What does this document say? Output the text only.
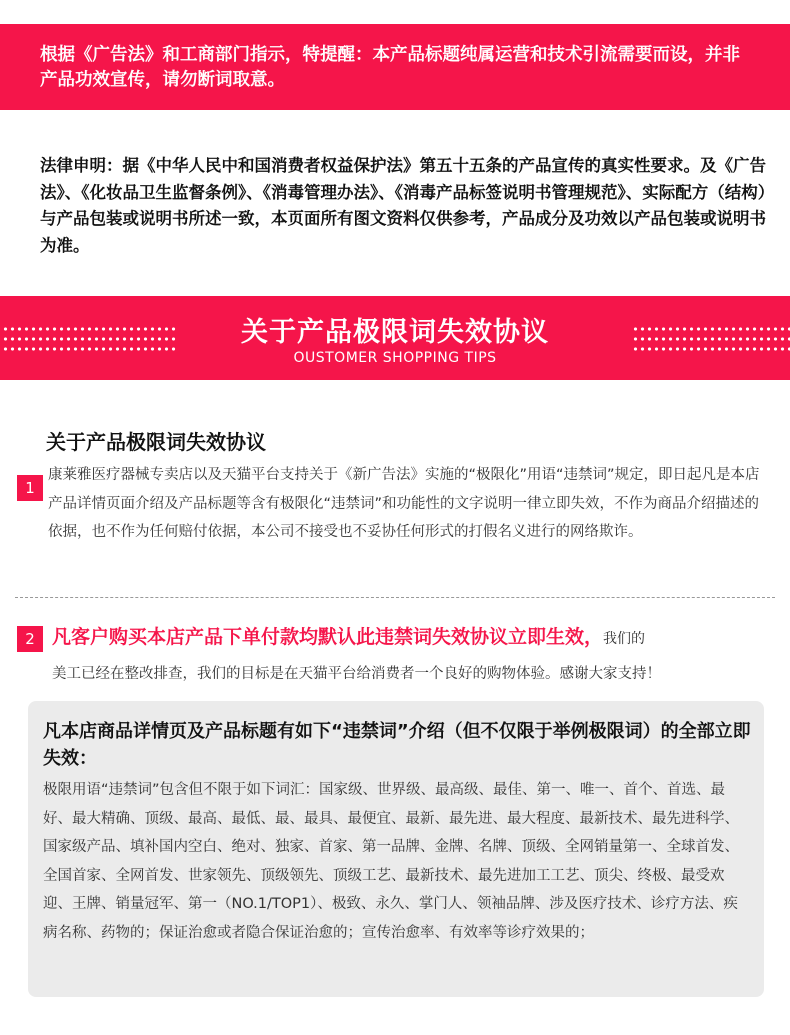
根据《广告法》和工商部门指示，特提醒：本产品标题纯属运营和技术引流需要而设，并非产品功效宣传，请勿断词取意。
法律申明：据《中华人民中和国消费者权益保护法》第五十五条的产品宣传的真实性要求。及《广告法》、《化妆品卫生监督条例》、《消毒管理办法》、《消毒产品标签说明书管理规范》、实际配方（结构）与产品包装或说明书所述一致，本页面所有图文资料仅供参考，产品成分及功效以产品包装或说明书为准。
关于产品极限词失效协议
OUSTOMER SHOPPING TIPS
关于产品极限词失效协议
1
康莱雅医疗器械专卖店以及天猫平台支持关于《新广告法》实施的“极限化”用语“违禁词”规定，即日起凡是本店产品详情页面介绍及产品标题等含有极限化“违禁词”和功能性的文字说明一律立即失效，不作为商品介绍描述的依据，也不作为任何赔付依据，本公司不接受也不妥协任何形式的打假名义进行的网络欺诈。
2 凡客户购买本店产品下单付款均默认此违禁词失效协议立即生效，我们的
美工已经在整改排查，我们的目标是在天猫平台给消费者一个良好的购物体验。感谢大家支持！
凡本店商品详情页及产品标题有如下“违禁词”介绍（但不仅限于举例极限词）的全部立即失效：
极限用语“违禁词”包含但不限于如下词汇：国家级、世界级、最高级、最佳、第一、唯一、首个、首选、最好、最大精确、顶级、最高、最低、最、最具、最便宜、最新、最先进、最大程度、最新技术、最先进科学、国家级产品、填补国内空白、绝对、独家、首家、第一品牌、金牌、名牌、顶级、全网销量第一、全球首发、全国首家、全网首发、世家领先、顶级领先、顶级工艺、最新技术、最先进加工工艺、顶尖、终极、最受欢迎、王牌、销量冠军、第一（NO.1/TOP1）、极致、永久、掌门人、领袖品牌、涉及医疗技术、诊疗方法、疾病名称、药物的；保证治愈或者隐合保证治愈的；宣传治愈率、有效率等诊疗效果的；
